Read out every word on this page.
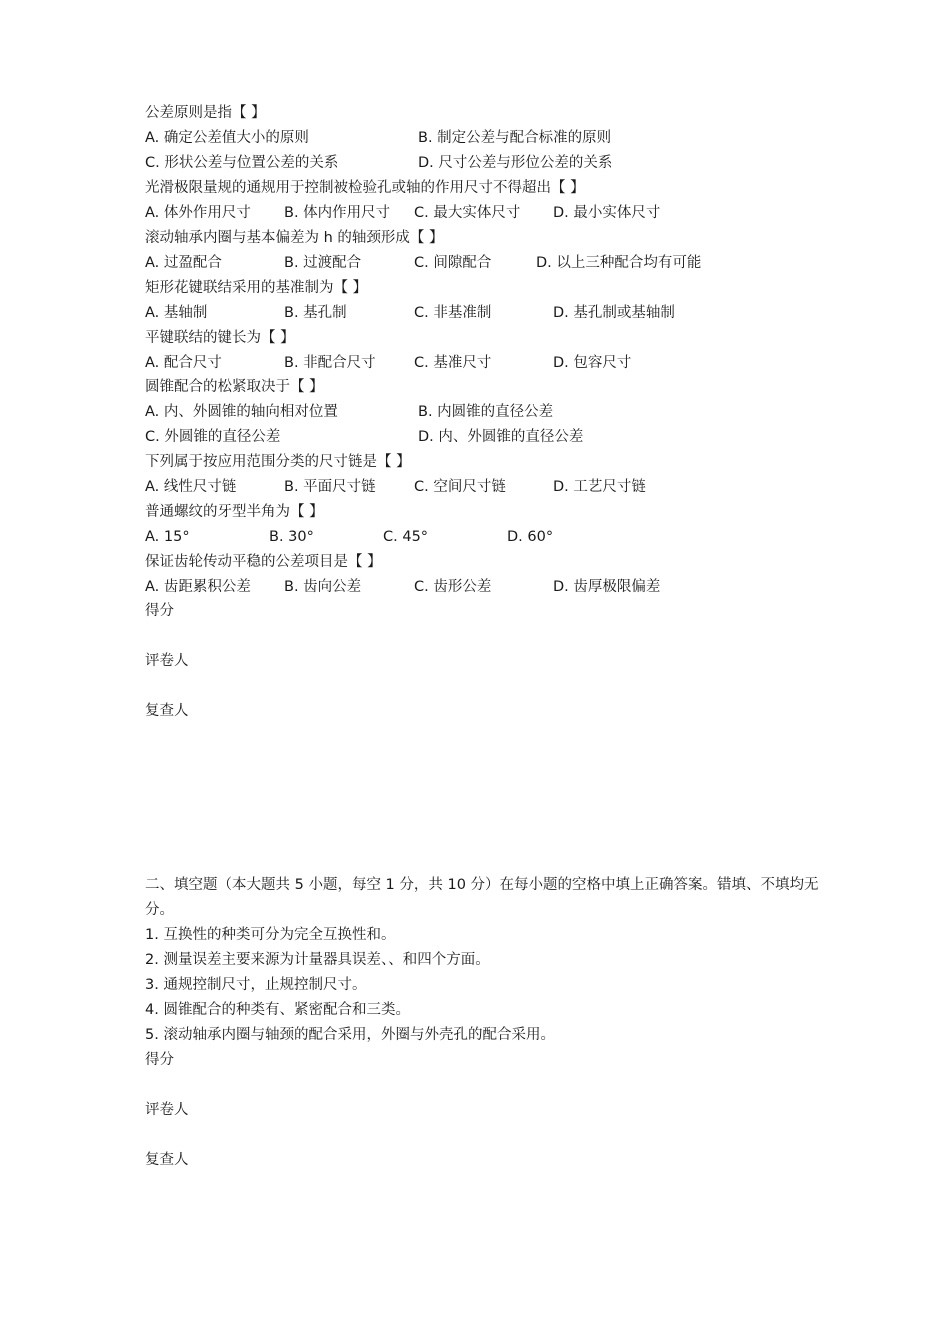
公差原则是指【 】
A. 确定公差值大小的原则	B. 制定公差与配合标准的原则
C. 形状公差与位置公差的关系	D. 尺寸公差与形位公差的关系
光滑极限量规的通规用于控制被检验孔或轴的作用尺寸不得超出【 】
A. 体外作用尺寸 B. 体内作用尺寸 C. 最大实体尺寸 D. 最小实体尺寸
滚动轴承内圈与基本偏差为 h 的轴颈形成【 】
A. 过盈配合	B. 过渡配合	C. 间隙配合	D. 以上三种配合均有可能
矩形花键联结采用的基准制为【 】
A. 基轴制	B. 基孔制	C. 非基准制	D. 基孔制或基轴制
平键联结的键长为【 】
A. 配合尺寸	B. 非配合尺寸	C. 基准尺寸	D. 包容尺寸
圆锥配合的松紧取决于【 】
A. 内、外圆锥的轴向相对位置	B. 内圆锥的直径公差
C. 外圆锥的直径公差	D. 内、外圆锥的直径公差
下列属于按应用范围分类的尺寸链是【 】
A. 线性尺寸链	B. 平面尺寸链	C. 空间尺寸链	D. 工艺尺寸链
普通螺纹的牙型半角为【 】
A. 15°	B. 30°	C. 45°	D. 60°
保证齿轮传动平稳的公差项目是【 】
A. 齿距累积公差 B. 齿向公差	C. 齿形公差	D. 齿厚极限偏差
得分
评卷人
复查人
二、填空题（本大题共 5 小题，每空 1 分，共 10 分）在每小题的空格中填上正确答案。错填、不填均无分。
1. 互换性的种类可分为完全互换性和。
2. 测量误差主要来源为计量器具误差、、和四个方面。
3. 通规控制尺寸，止规控制尺寸。
4. 圆锥配合的种类有、紧密配合和三类。
5. 滚动轴承内圈与轴颈的配合采用，外圈与外壳孔的配合采用。
得分
评卷人
复查人
